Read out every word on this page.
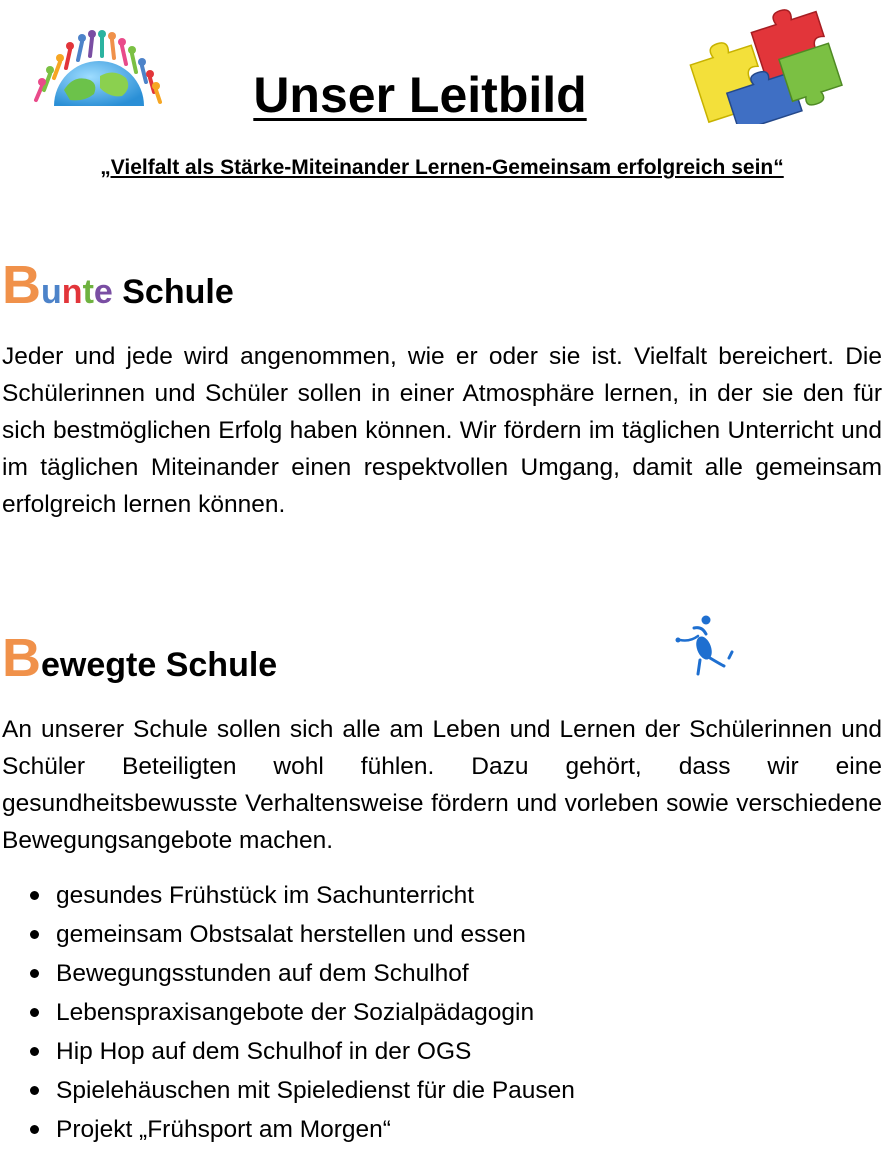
Unser Leitbild

„Vielfalt als Stärke-Miteinander Lernen-Gemeinsam erfolgreich sein“

Bunte Schule

Jeder und jede wird angenommen, wie er oder sie ist. Vielfalt bereichert. Die Schülerinnen und Schüler sollen in einer Atmosphäre lernen, in der sie den für sich bestmöglichen Erfolg haben können. Wir fördern im täglichen Unterricht und im täglichen Miteinander einen respektvollen Umgang, damit alle gemeinsam erfolgreich lernen können.

Bewegte Schule

An unserer Schule sollen sich alle am Leben und Lernen der Schülerinnen und Schüler Beteiligten wohl fühlen. Dazu gehört, dass wir eine gesundheitsbewusste Verhaltensweise fördern und vorleben sowie verschiedene Bewegungsangebote machen.

gesundes Frühstück im Sachunterricht
gemeinsam Obstsalat herstellen und essen
Bewegungsstunden auf dem Schulhof
Lebenspraxisangebote der Sozialpädagogin
Hip Hop auf dem Schulhof in der OGS
Spielehäuschen mit Spieledienst für die Pausen
Projekt „Frühsport am Morgen“
